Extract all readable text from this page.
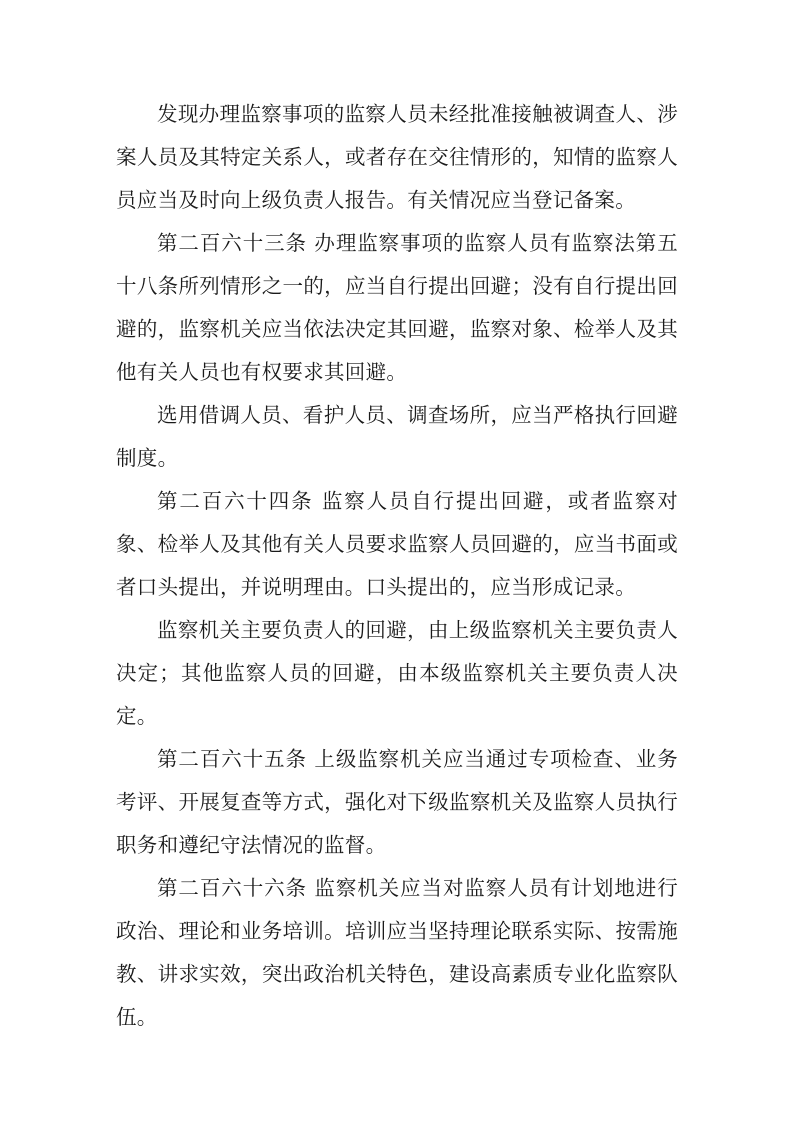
发现办理监察事项的监察人员未经批准接触被调查人、涉案人员及其特定关系人，或者存在交往情形的，知情的监察人员应当及时向上级负责人报告。有关情况应当登记备案。

第二百六十三条 办理监察事项的监察人员有监察法第五十八条所列情形之一的，应当自行提出回避；没有自行提出回避的，监察机关应当依法决定其回避，监察对象、检举人及其他有关人员也有权要求其回避。

选用借调人员、看护人员、调查场所，应当严格执行回避制度。

第二百六十四条 监察人员自行提出回避，或者监察对象、检举人及其他有关人员要求监察人员回避的，应当书面或者口头提出，并说明理由。口头提出的，应当形成记录。

监察机关主要负责人的回避，由上级监察机关主要负责人决定；其他监察人员的回避，由本级监察机关主要负责人决定。

第二百六十五条 上级监察机关应当通过专项检查、业务考评、开展复查等方式，强化对下级监察机关及监察人员执行职务和遵纪守法情况的监督。

第二百六十六条 监察机关应当对监察人员有计划地进行政治、理论和业务培训。培训应当坚持理论联系实际、按需施教、讲求实效，突出政治机关特色，建设高素质专业化监察队伍。
